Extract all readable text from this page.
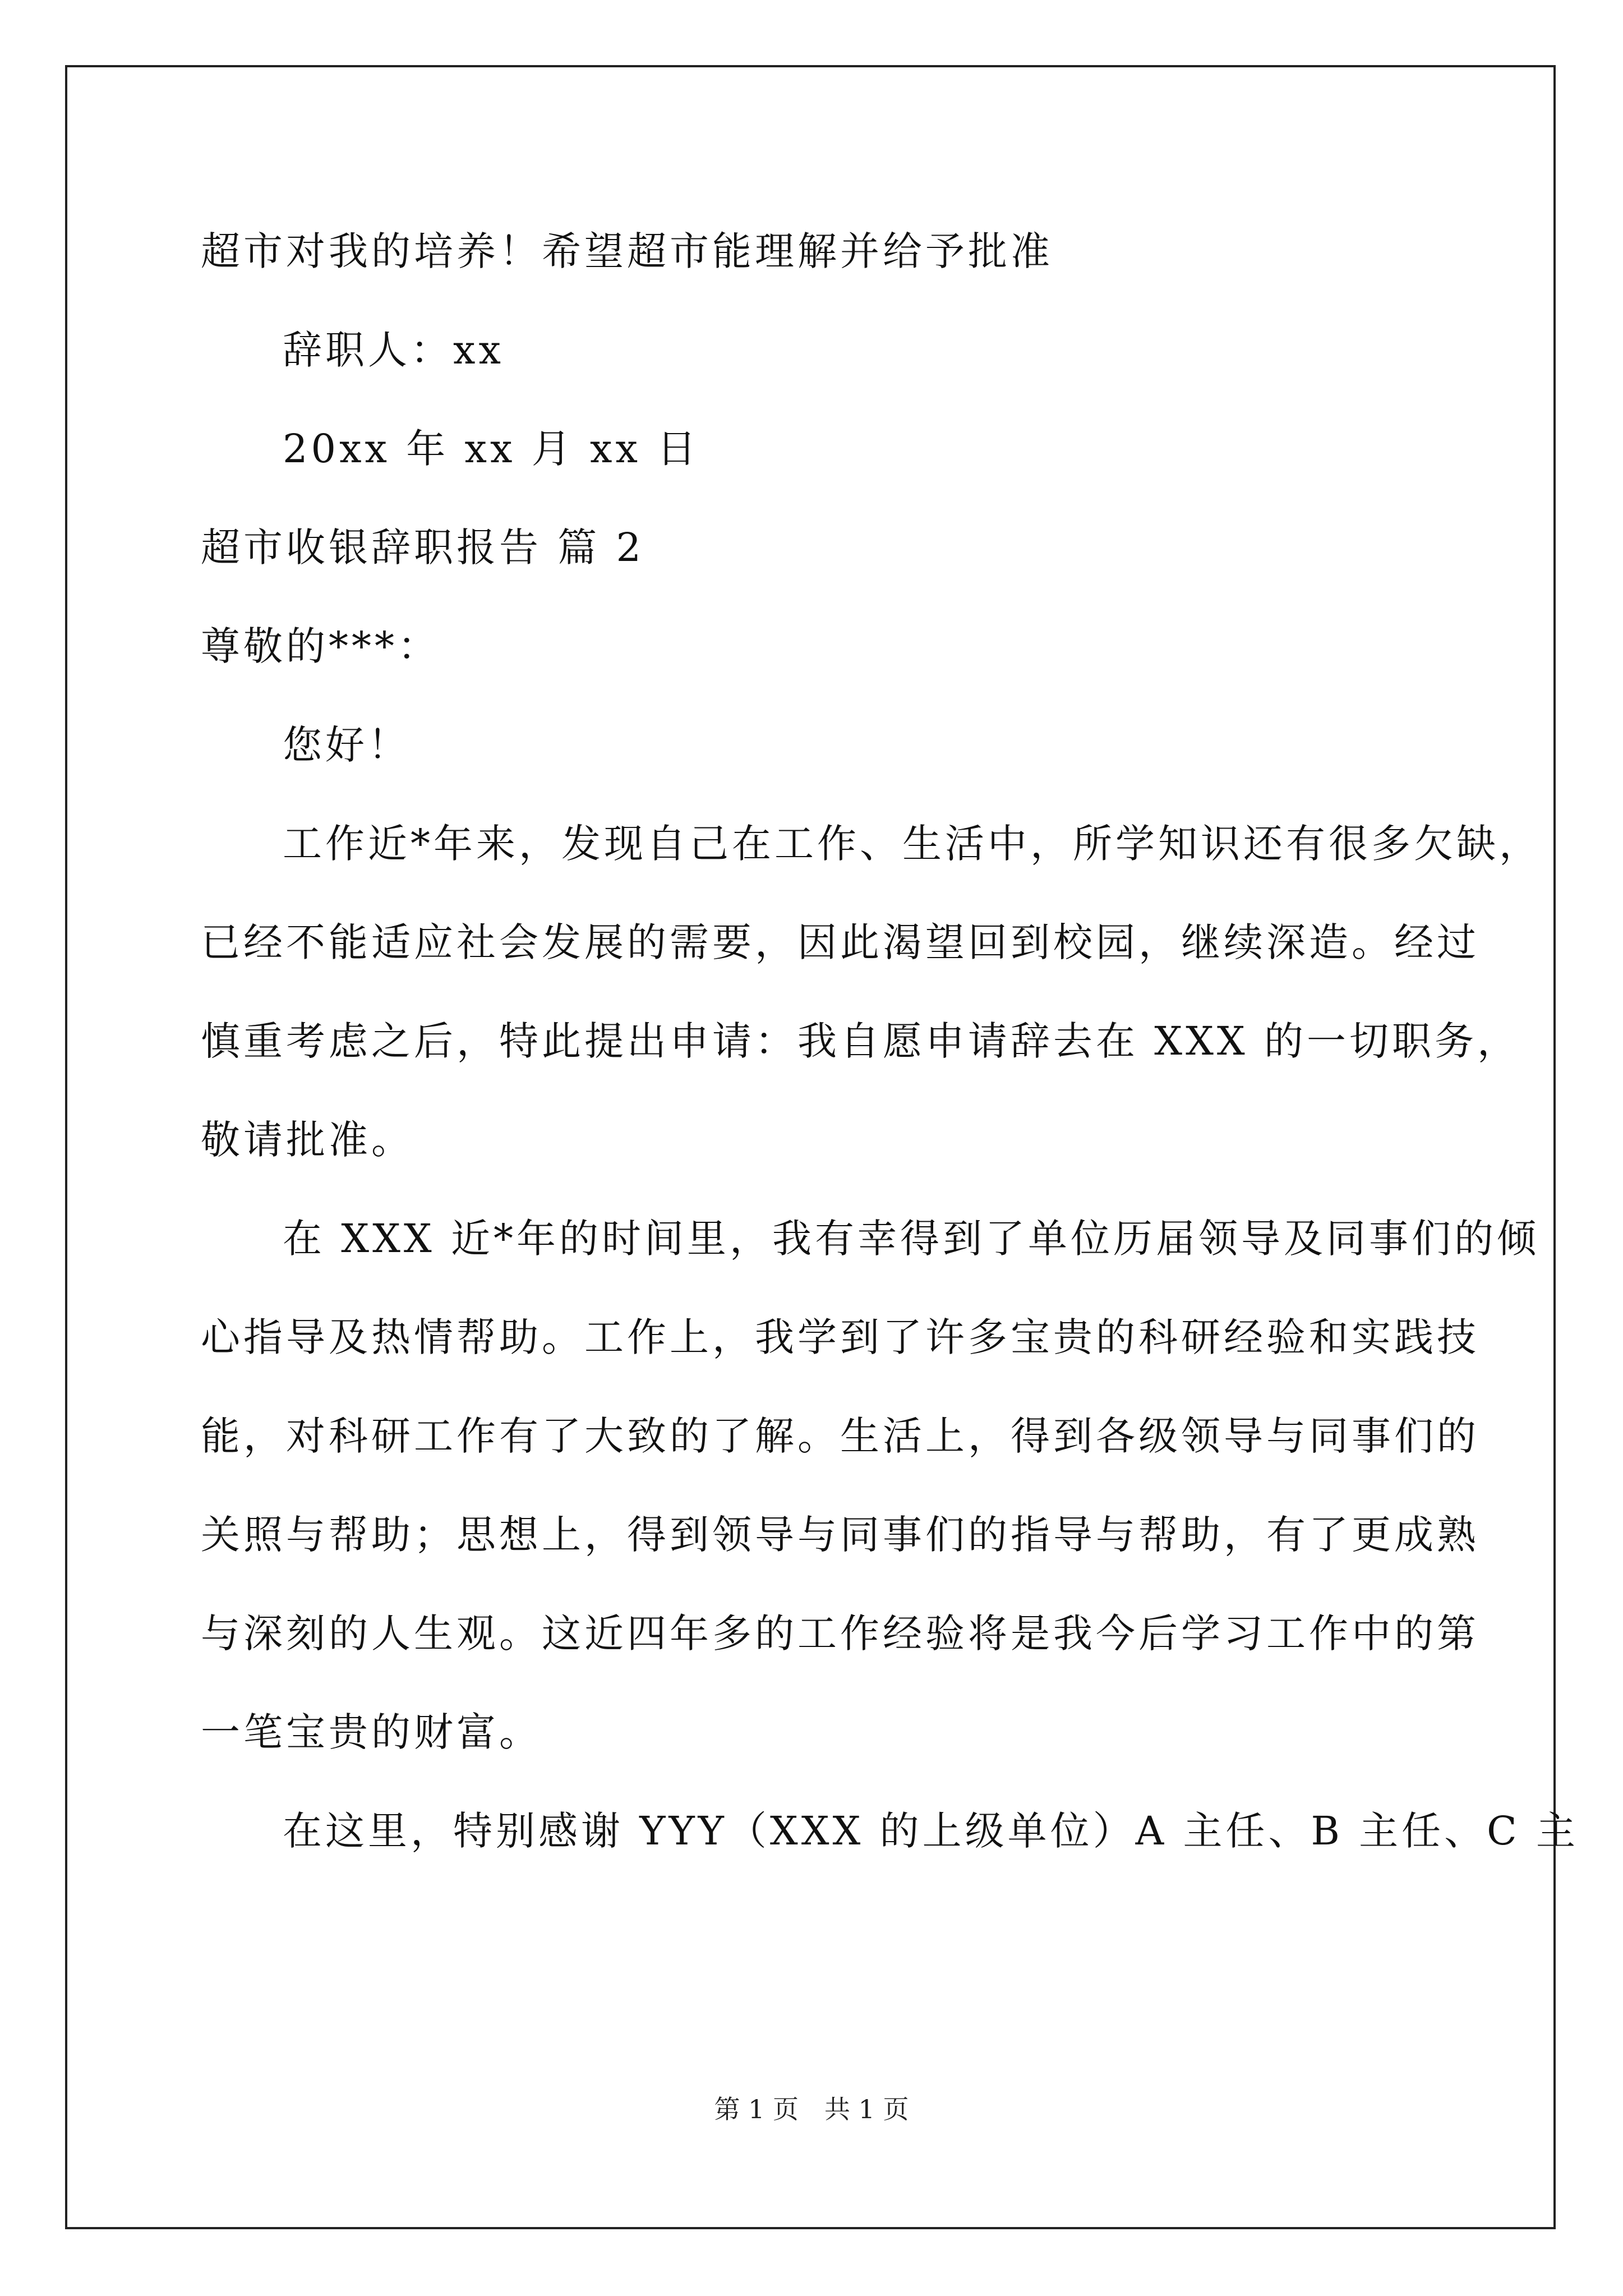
超市对我的培养！希望超市能理解并给予批准
辞职人：xx
20xx 年 xx 月 xx 日
超市收银辞职报告 篇 2
尊敬的***：
您好！
工作近*年来，发现自己在工作、生活中，所学知识还有很多欠缺，
已经不能适应社会发展的需要，因此渴望回到校园，继续深造。经过
慎重考虑之后，特此提出申请：我自愿申请辞去在 XXX 的一切职务，
敬请批准。
在 XXX 近*年的时间里，我有幸得到了单位历届领导及同事们的倾
心指导及热情帮助。工作上，我学到了许多宝贵的科研经验和实践技
能，对科研工作有了大致的了解。生活上，得到各级领导与同事们的
关照与帮助；思想上，得到领导与同事们的指导与帮助，有了更成熟
与深刻的人生观。这近四年多的工作经验将是我今后学习工作中的第
一笔宝贵的财富。
在这里，特别感谢 YYY（XXX 的上级单位）A 主任、B 主任、C 主
第 1 页　共 1 页
